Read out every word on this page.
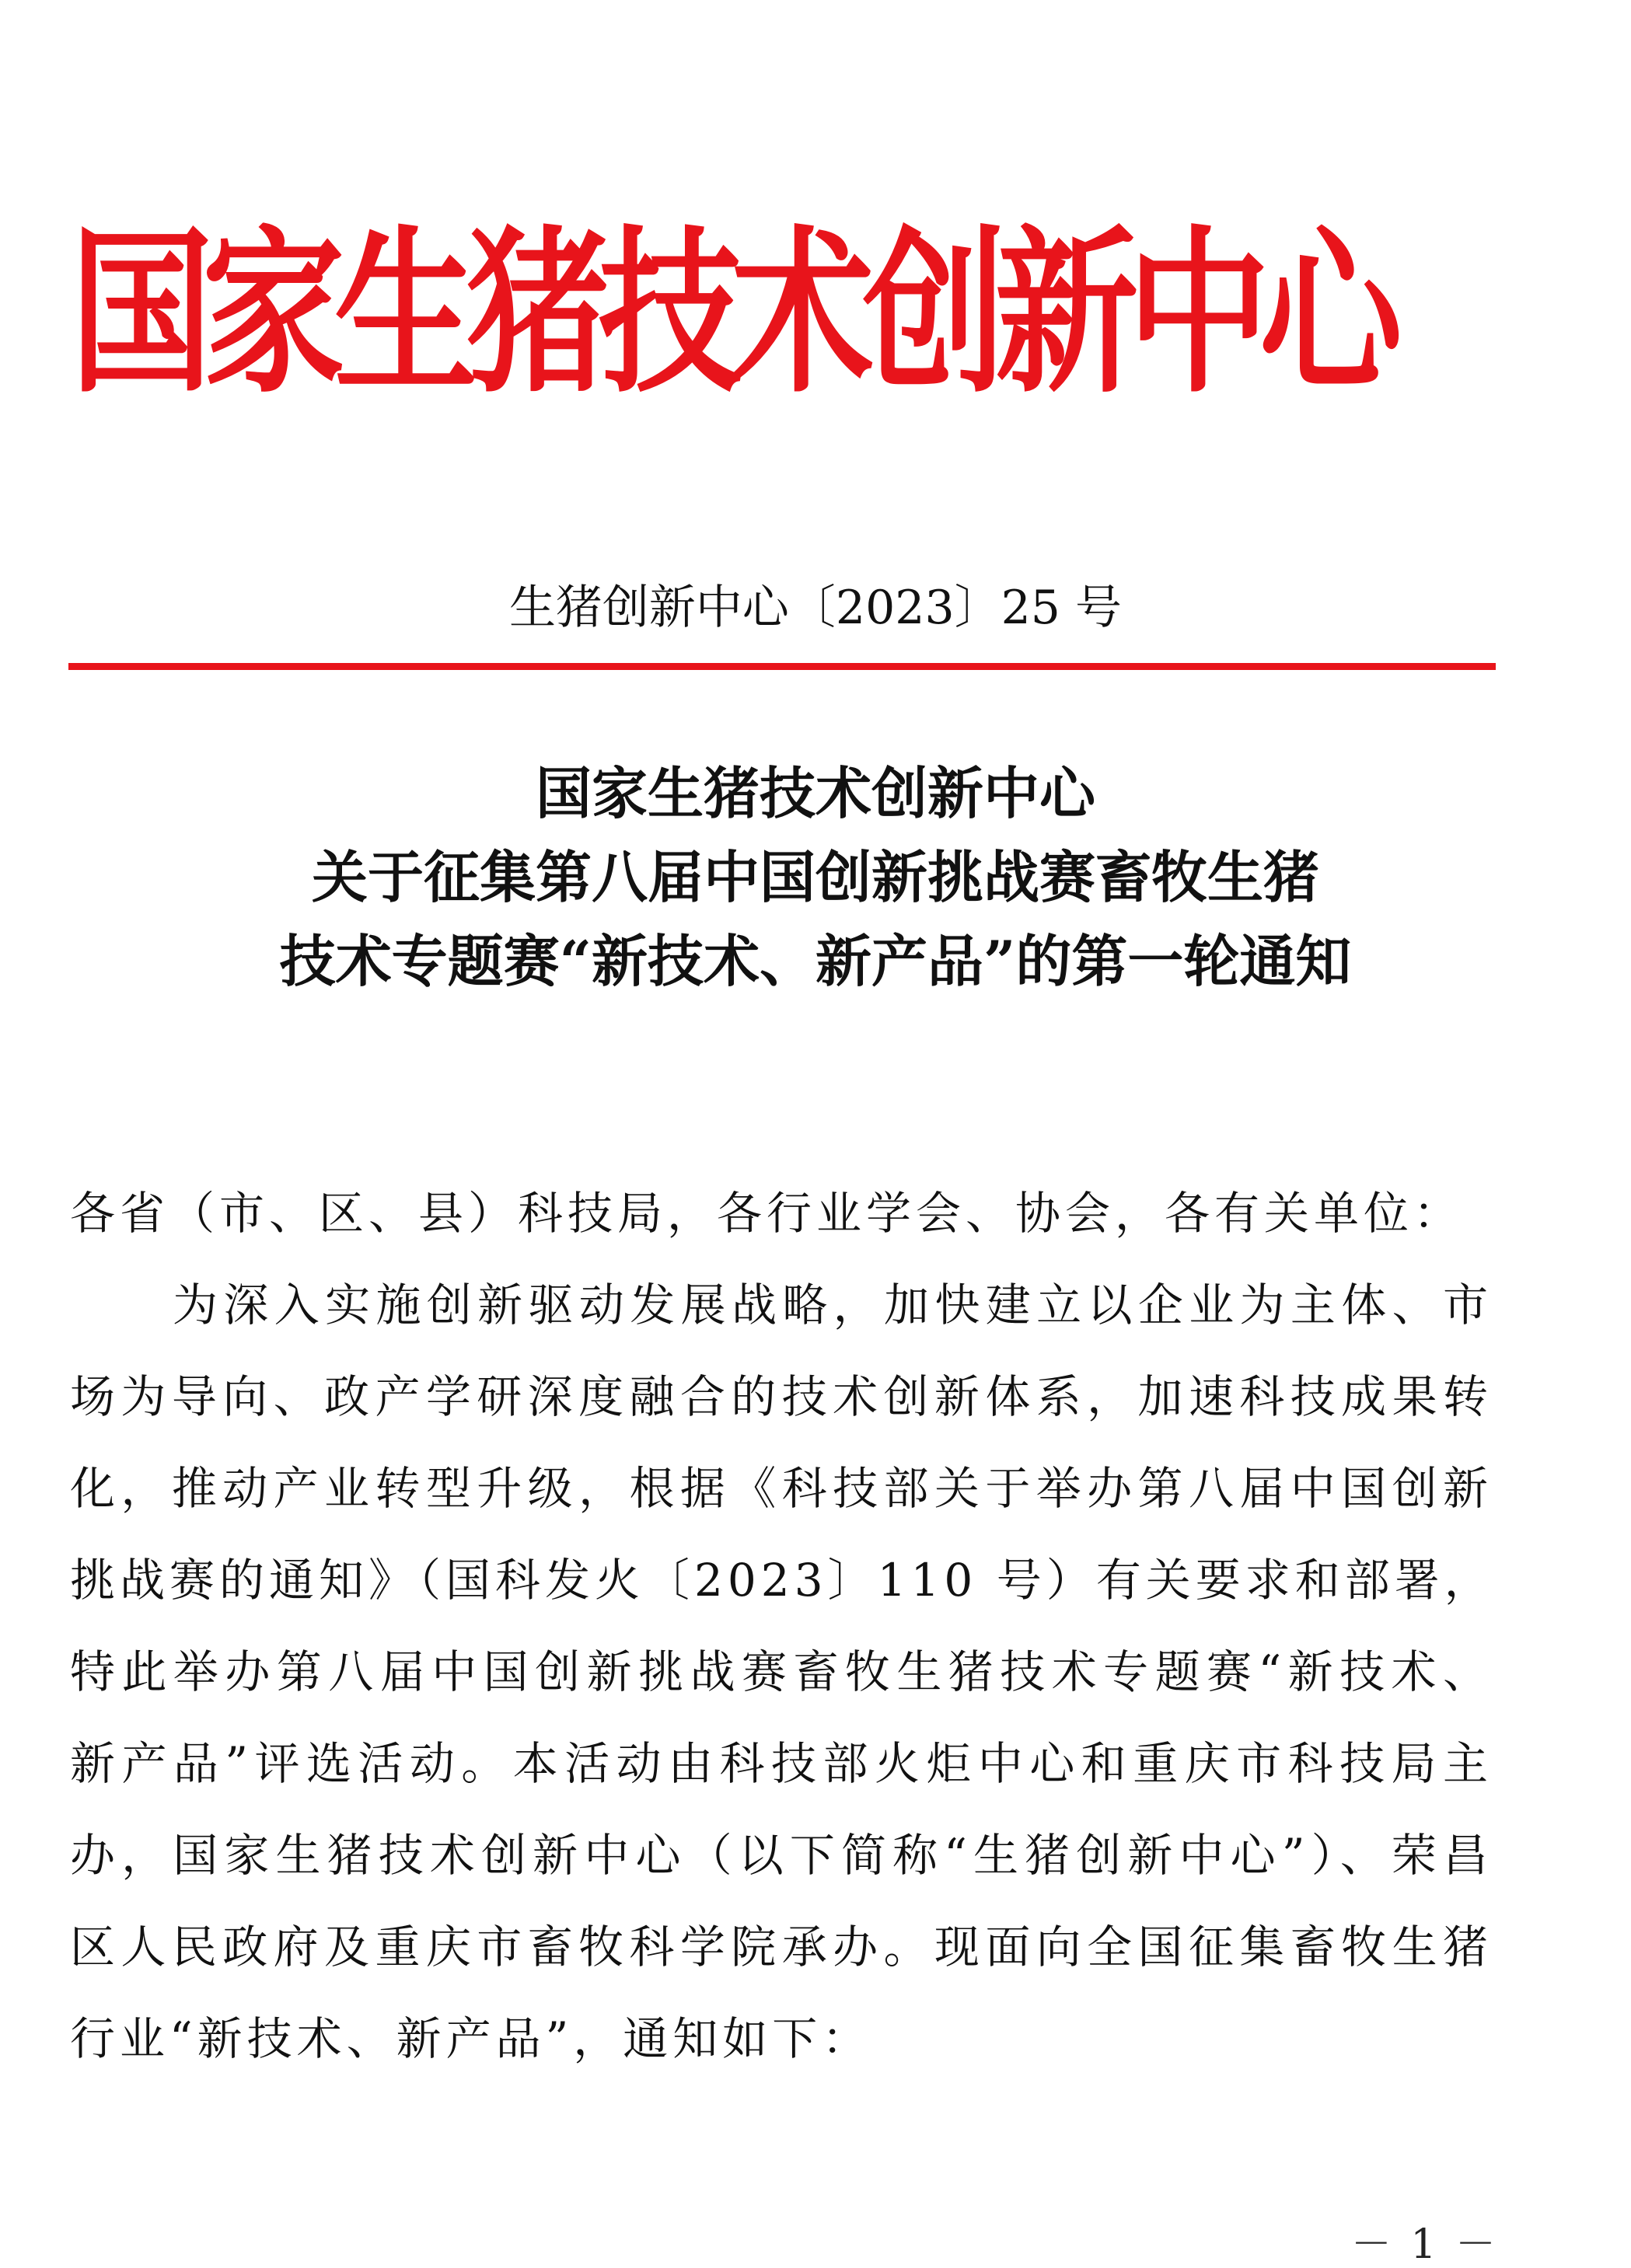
国家生猪技术创新中心
生猪创新中心〔2023〕25 号
国家生猪技术创新中心
关于征集第八届中国创新挑战赛畜牧生猪
技术专题赛“新技术、新产品”的第一轮通知
各省（市、区、县）科技局，各行业学会、协会，各有关单位：
为深入实施创新驱动发展战略，加快建立以企业为主体、市
场为导向、政产学研深度融合的技术创新体系，加速科技成果转
化，推动产业转型升级，根据《科技部关于举办第八届中国创新
挑战赛的通知》（国科发火〔2023〕110 号）有关要求和部署，
特此举办第八届中国创新挑战赛畜牧生猪技术专题赛“新技术、
新产品”评选活动。本活动由科技部火炬中心和重庆市科技局主
办，国家生猪技术创新中心（以下简称“生猪创新中心”）、荣昌
区人民政府及重庆市畜牧科学院承办。现面向全国征集畜牧生猪
行业“新技术、新产品”，通知如下：
－ 1 －
